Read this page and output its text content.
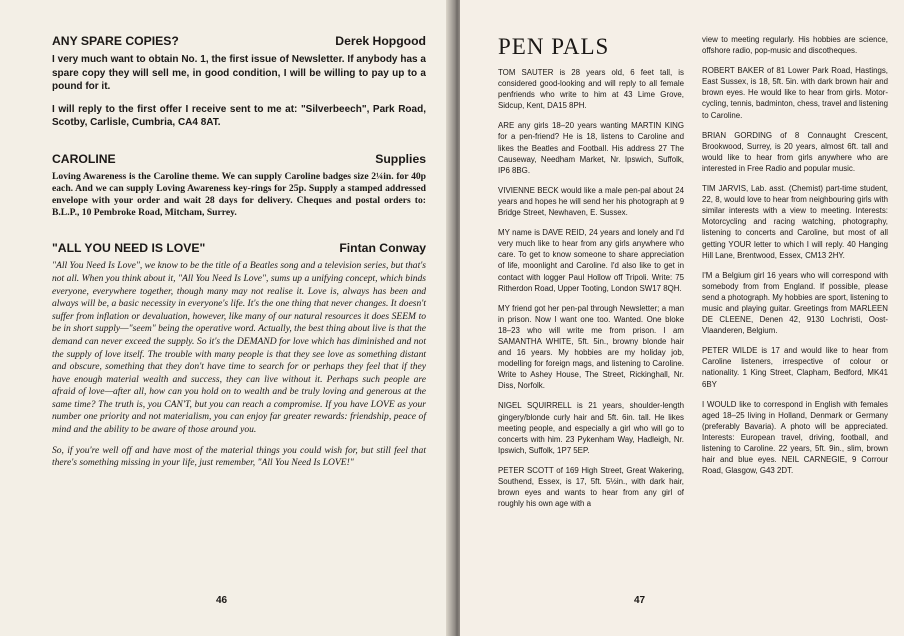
ANY SPARE COPIES?	Derek Hopgood

I very much want to obtain No. 1, the first issue of Newsletter. If anybody has a spare copy they will sell me, in good condition, I will be willing to pay up to a pound for it.

I will reply to the first offer I receive sent to me at: "Silverbeech", Park Road, Scotby, Carlisle, Cumbria, CA4 8AT.

CAROLINE	Supplies

Loving Awareness is the Caroline theme. We can supply Caroline badges size 2¼in. for 40p each. And we can supply Loving Awareness key-rings for 25p. Supply a stamped addressed envelope with your order and wait 28 days for delivery. Cheques and postal orders to: B.L.P., 10 Pembroke Road, Mitcham, Surrey.

"ALL YOU NEED IS LOVE"	Fintan Conway

"All You Need Is Love", we know to be the title of a Beatles song and a television series, but that's not all. When you think about it, "All You Need Is Love", sums up a unifying concept, which binds everyone, everywhere together, though many may not realise it. Love is, always has been and always will be, a basic necessity in everyone's life. It's the one thing that never changes. It doesn't suffer from inflation or devaluation, however, like many of our natural resources it does SEEM to be in short supply—"seem" being the operative word. Actually, the best thing about live is that the demand can never exceed the supply. So it's the DEMAND for love which has diminished and not the supply of love itself. The trouble with many people is that they see love as something distant and obscure, something that they don't have time to search for or perhaps they feel that if they have enough material wealth and success, they can live without it. Perhaps such people are afraid of love—after all, how can you hold on to wealth and be truly loving and generous at the same time? The truth is, you CAN'T, but you can reach a compromise. If you have LOVE as your number one priority and not materialism, you can enjoy far greater rewards: friendship, peace of mind and the ability to be aware of those around you.

So, if you're well off and have most of the material things you could wish for, but still feel that there's something missing in your life, just remember, "All You Need Is LOVE!"

46
PEN PALS

TOM SAUTER is 28 years old, 6 feet tall, is considered good-looking and will reply to all female penfriends who write to him at 43 Lime Grove, Sidcup, Kent, DA15 8PH.

ARE any girls 18–20 years wanting MARTIN KING for a pen-friend? He is 18, listens to Caroline and likes the Beatles and Football. His address 27 The Causeway, Needham Market, Nr. Ipswich, Suffolk, IP6 8BG.

VIVIENNE BECK would like a male pen-pal about 24 years and hopes he will send her his photograph at 9 Bridge Street, Newhaven, E. Sussex.

MY name is DAVE REID, 24 years and lonely and I'd very much like to hear from any girls anywhere who care. To get to know someone to share appreciation of life, moonlight and Caroline. I'd also like to get in contact with logger Paul Hollow off Tripoli. Write: 75 Ritherdon Road, Upper Tooting, London SW17 8QH.

MY friend got her pen-pal through Newsletter; a man in prison. Now I want one too. Wanted. One bloke 18–23 who will write me from prison. I am SAMANTHA WHITE, 5ft. 5in., browny blonde hair and 16 years. My hobbies are my holiday job, modelling for foreign mags, and listening to Caroline. Write to Ashey House, The Street, Rickinghall, Nr. Diss, Norfolk.

NIGEL SQUIRRELL is 21 years, shoulder-length gingery/blonde curly hair and 5ft. 6in. tall. He likes meeting people, and especially a girl who will go to concerts with him. 23 Pykenham Way, Hadleigh, Nr. Ipswich, Suffolk, 1P7 5EP.

PETER SCOTT of 169 High Street, Great Wakering, Southend, Essex, is 17, 5ft. 5½in., with dark hair, brown eyes and wants to hear from any girl of roughly his own age with a

view to meeting regularly. His hobbies are science, offshore radio, pop-music and discotheques.

ROBERT BAKER of 81 Lower Park Road, Hastings, East Sussex, is 18, 5ft. 5in. with dark brown hair and brown eyes. He would like to hear from girls. Motor-cycling, tennis, badminton, chess, travel and listening to Caroline.

BRIAN GORDING of 8 Connaught Crescent, Brookwood, Surrey, is 20 years, almost 6ft. tall and would like to hear from girls anywhere who are interested in Free Radio and popular music.

TIM JARVIS, Lab. asst. (Chemist) part-time student, 22, 8, would love to hear from neighbouring girls with similar interests with a view to meeting. Interests: Motorcycling and racing watching, photography, listening to concerts and Caroline, but most of all getting YOUR letter to which I will reply. 40 Hanging Hill Lane, Brentwood, Essex, CM13 2HY.

I'M a Belgium girl 16 years who will correspond with somebody from from England. If possible, please send a photograph. My hobbies are sport, listening to music and playing guitar. Greetings from MARLEEN DE CLEENE, Denen 42, 9130 Lochristi, Oost-Vlaanderen, Belgium.

PETER WILDE is 17 and would like to hear from Caroline listeners, irrespective of colour or nationality. 1 King Street, Clapham, Bedford, MK41 6BY

I WOULD like to correspond in English with females aged 18–25 living in Holland, Denmark or Germany (preferably Bavaria). A photo will be appreciated. Interests: European travel, driving, football, and listening to Caroline. 22 years, 5ft. 9in., slim, brown hair and blue eyes. NEIL CARNEGIE, 9 Corrour Road, Glasgow, G43 2DT.

47
